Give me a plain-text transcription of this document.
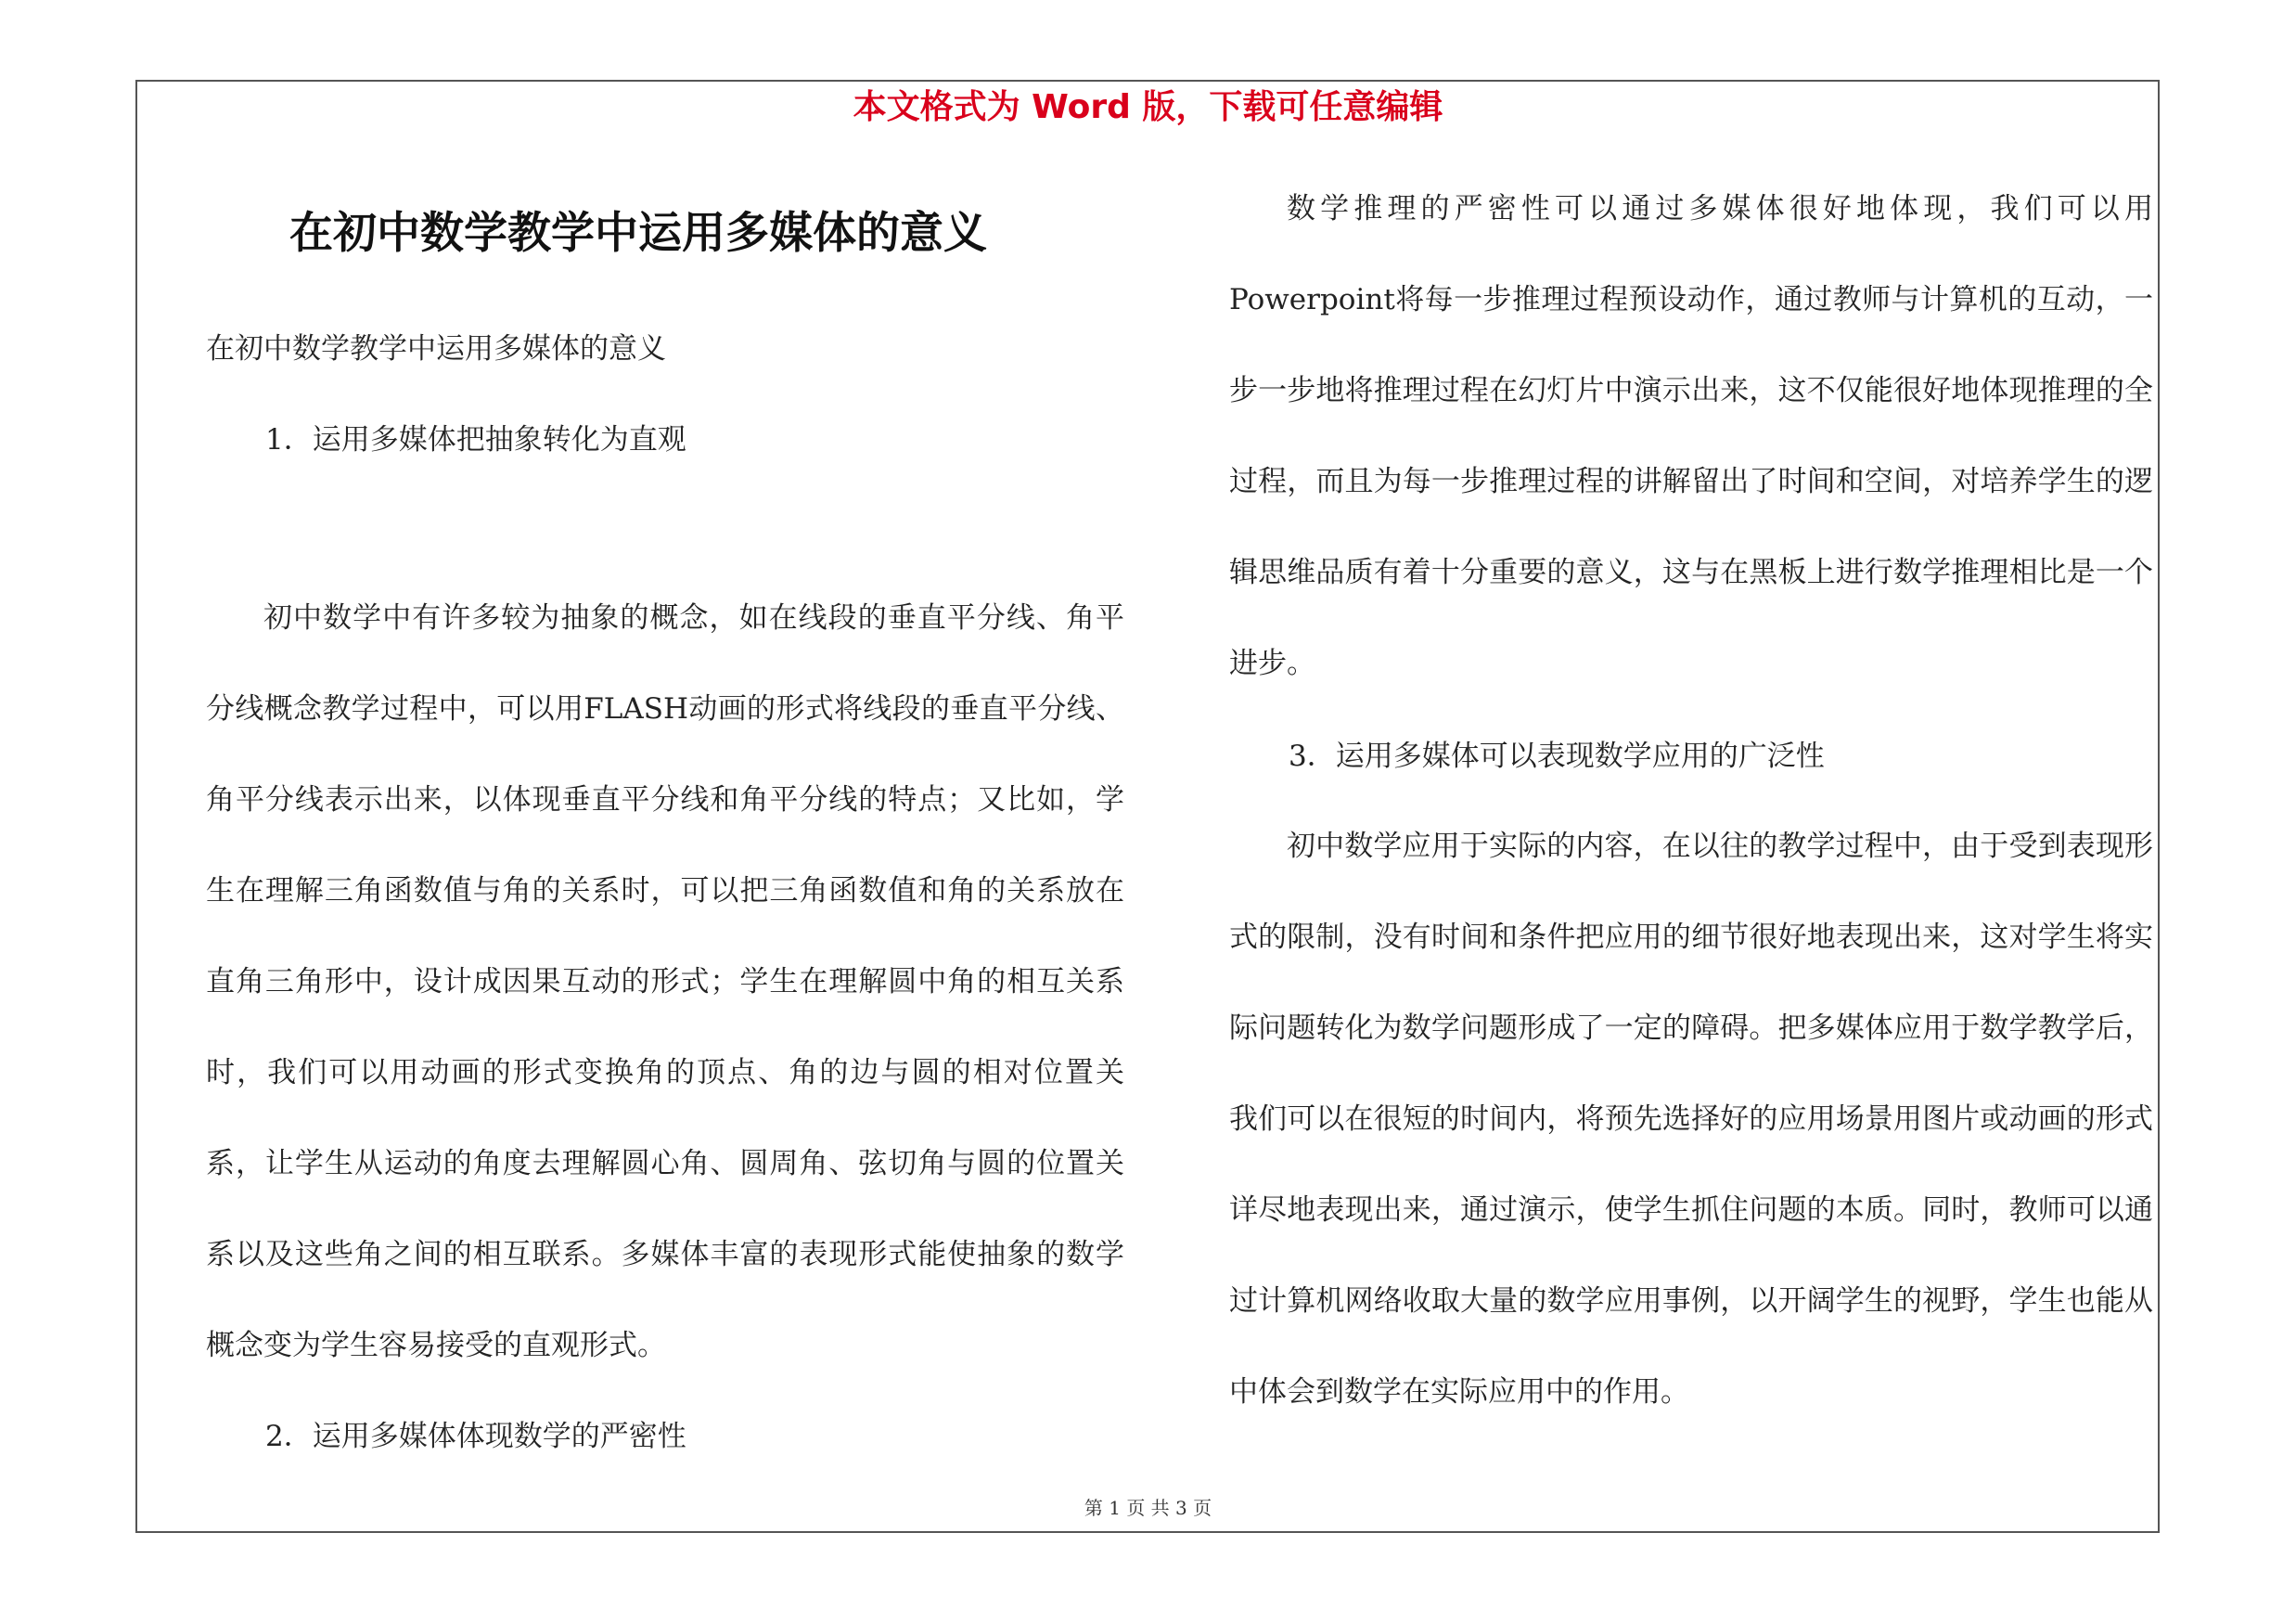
本文格式为 Word 版，下载可任意编辑
在初中数学教学中运用多媒体的意义
在初中数学教学中运用多媒体的意义
1．运用多媒体把抽象转化为直观
初中数学中有许多较为抽象的概念，如在线段的垂直平分线、角平分线概念教学过程中，可以用FLASH动画的形式将线段的垂直平分线、角平分线表示出来，以体现垂直平分线和角平分线的特点；又比如，学生在理解三角函数值与角的关系时，可以把三角函数值和角的关系放在直角三角形中，设计成因果互动的形式；学生在理解圆中角的相互关系时，我们可以用动画的形式变换角的顶点、角的边与圆的相对位置关系，让学生从运动的角度去理解圆心角、圆周角、弦切角与圆的位置关系以及这些角之间的相互联系。多媒体丰富的表现形式能使抽象的数学概念变为学生容易接受的直观形式。
2．运用多媒体体现数学的严密性
数学推理的严密性可以通过多媒体很好地体现，我们可以用Powerpoint将每一步推理过程预设动作，通过教师与计算机的互动，一步一步地将推理过程在幻灯片中演示出来，这不仅能很好地体现推理的全过程，而且为每一步推理过程的讲解留出了时间和空间，对培养学生的逻辑思维品质有着十分重要的意义，这与在黑板上进行数学推理相比是一个进步。
3．运用多媒体可以表现数学应用的广泛性
初中数学应用于实际的内容，在以往的教学过程中，由于受到表现形式的限制，没有时间和条件把应用的细节很好地表现出来，这对学生将实际问题转化为数学问题形成了一定的障碍。把多媒体应用于数学教学后，我们可以在很短的时间内，将预先选择好的应用场景用图片或动画的形式详尽地表现出来，通过演示，使学生抓住问题的本质。同时，教师可以通过计算机网络收取大量的数学应用事例，以开阔学生的视野，学生也能从中体会到数学在实际应用中的作用。
第 1 页 共 3 页
